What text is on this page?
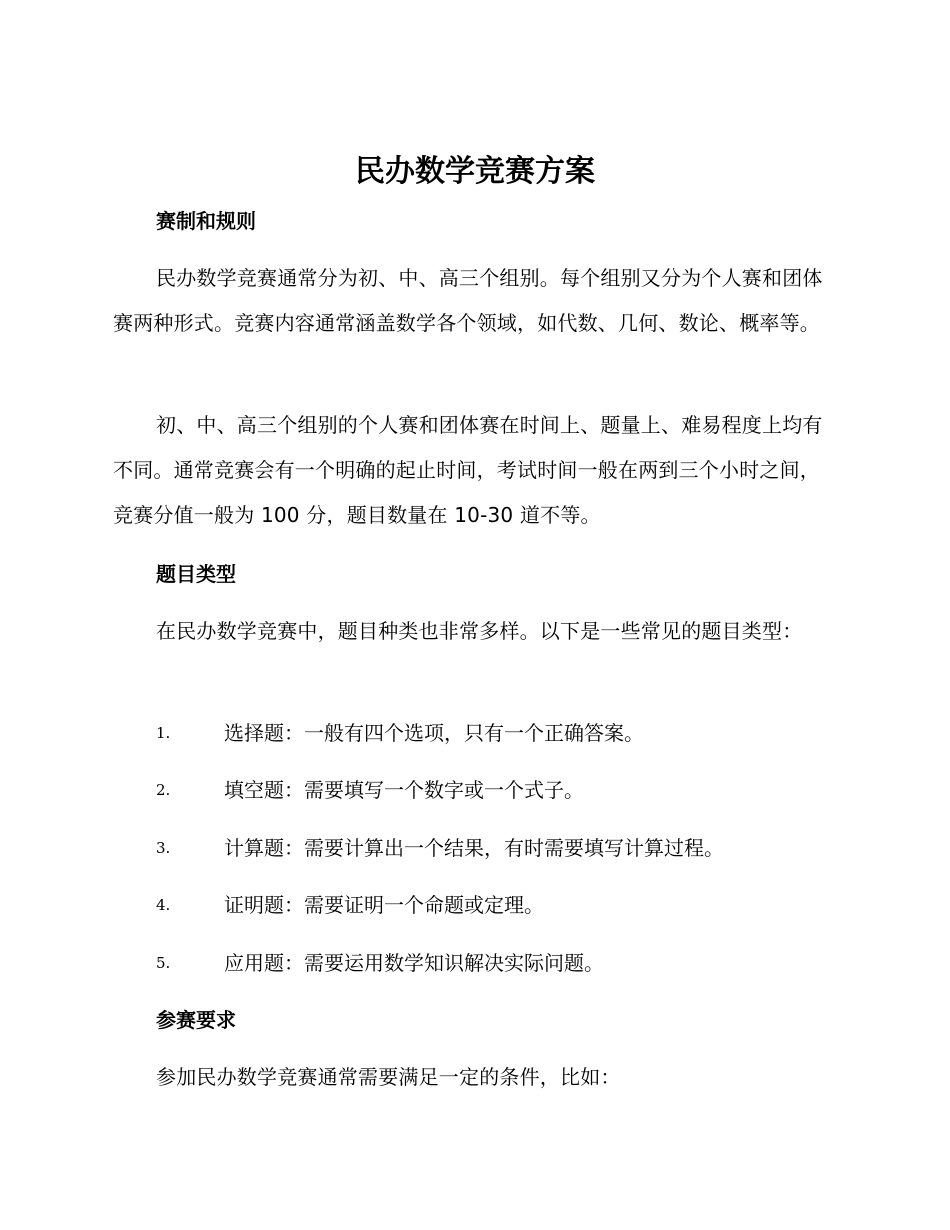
民办数学竞赛方案
赛制和规则

民办数学竞赛通常分为初、中、高三个组别。每个组别又分为个人赛和团体赛两种形式。竞赛内容通常涵盖数学各个领域，如代数、几何、数论、概率等。

初、中、高三个组别的个人赛和团体赛在时间上、题量上、难易程度上均有不同。通常竞赛会有一个明确的起止时间，考试时间一般在两到三个小时之间，竞赛分值一般为 100 分，题目数量在 10-30 道不等。

题目类型

在民办数学竞赛中，题目种类也非常多样。以下是一些常见的题目类型：

1.	选择题：一般有四个选项，只有一个正确答案。
2.	填空题：需要填写一个数字或一个式子。
3.	计算题：需要计算出一个结果，有时需要填写计算过程。
4.	证明题：需要证明一个命题或定理。
5.	应用题：需要运用数学知识解决实际问题。
参赛要求

参加民办数学竞赛通常需要满足一定的条件，比如：
